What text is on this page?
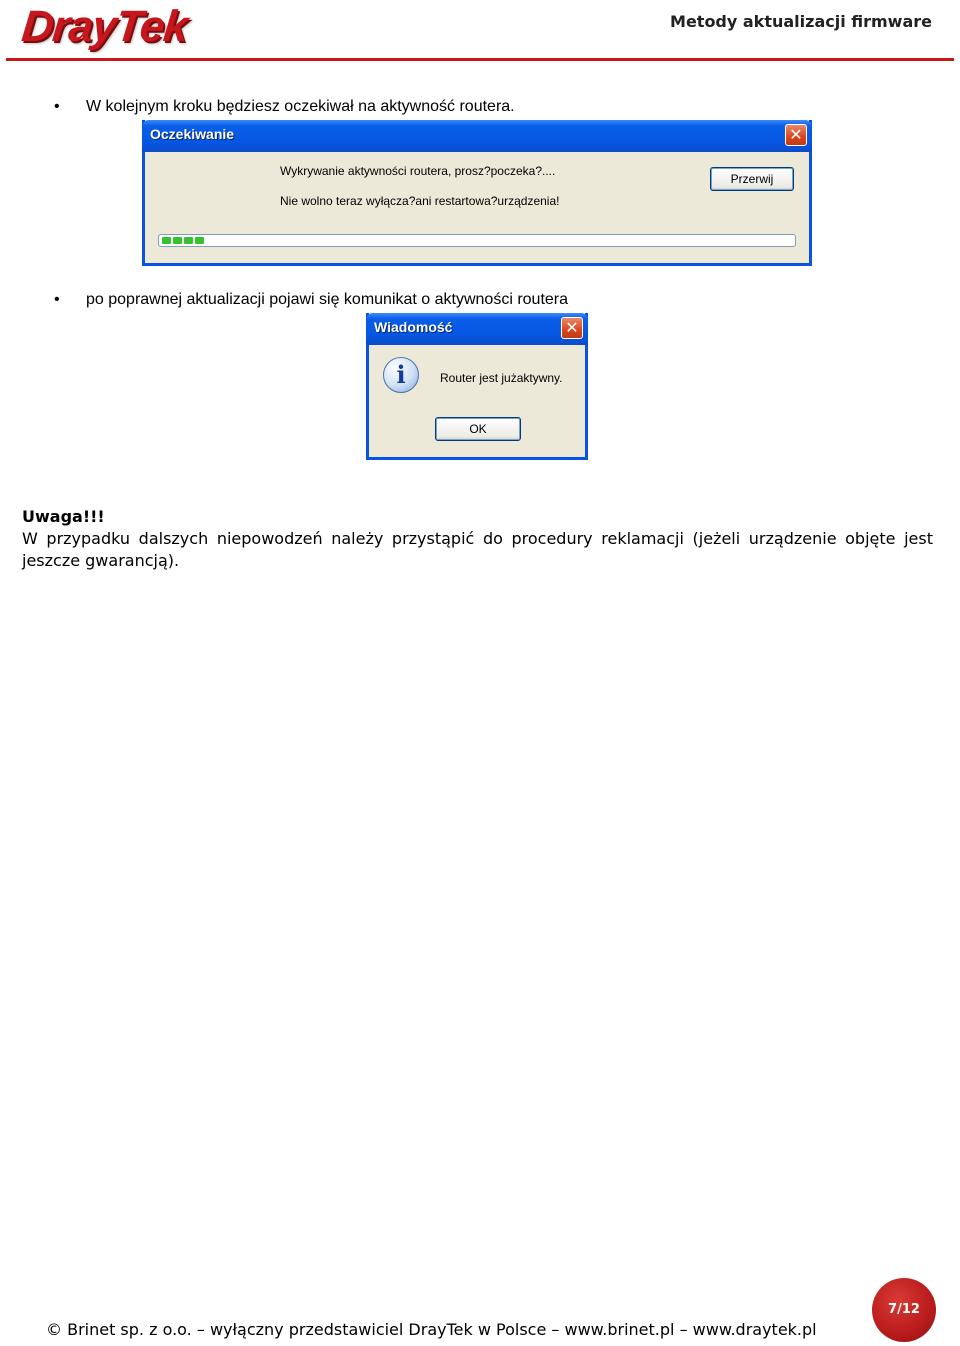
DrayTek	Metody aktualizacji firmware
• W kolejnym kroku będziesz oczekiwał na aktywność routera.
Oczekiwanie	✕
Wykrywanie aktywności routera, prosz?poczeka?....
Nie wolno teraz wyłącza?ani restartowa?urządzenia!
Przerwij
• po poprawnej aktualizacji pojawi się komunikat o aktywności routera
Wiadomość	✕
i	Router jest jużaktywny.
OK
Uwaga!!!
W przypadku dalszych niepowodzeń należy przystąpić do procedury reklamacji (jeżeli urządzenie objęte jest jeszcze gwarancją).
© Brinet sp. z o.o. – wyłączny przedstawiciel DrayTek w Polsce – www.brinet.pl – www.draytek.pl
7/12
